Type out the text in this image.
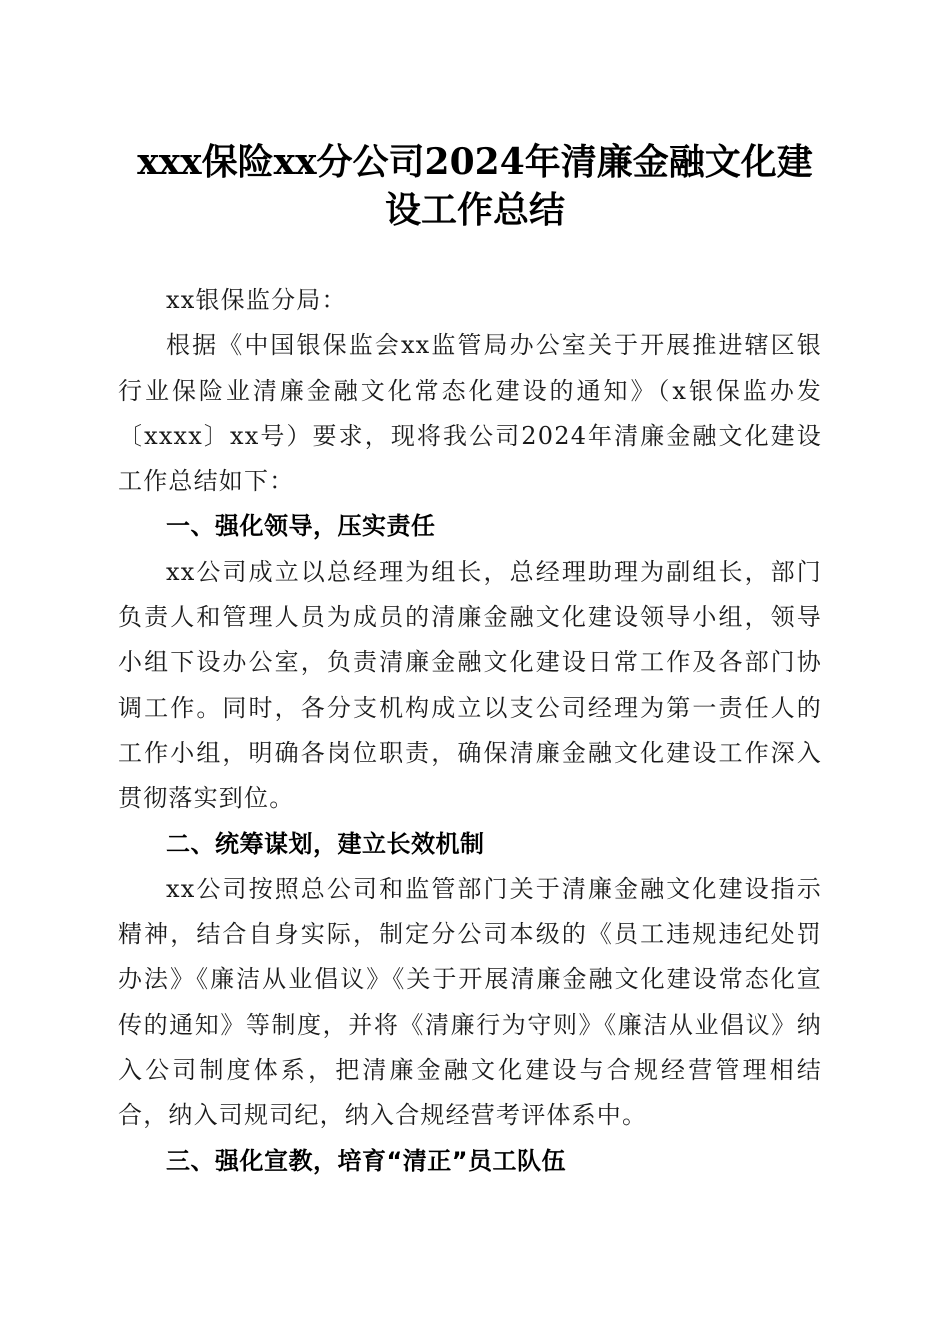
xxx保险xx分公司2024年清廉金融文化建设工作总结

xx银保监分局：

根据《中国银保监会xx监管局办公室关于开展推进辖区银行业保险业清廉金融文化常态化建设的通知》（x银保监办发〔xxxx〕xx号）要求，现将我公司2024年清廉金融文化建设工作总结如下：

一、强化领导，压实责任

xx公司成立以总经理为组长，总经理助理为副组长，部门负责人和管理人员为成员的清廉金融文化建设领导小组，领导小组下设办公室，负责清廉金融文化建设日常工作及各部门协调工作。同时，各分支机构成立以支公司经理为第一责任人的工作小组，明确各岗位职责，确保清廉金融文化建设工作深入贯彻落实到位。

二、统筹谋划，建立长效机制

xx公司按照总公司和监管部门关于清廉金融文化建设指示精神，结合自身实际，制定分公司本级的《员工违规违纪处罚办法》《廉洁从业倡议》《关于开展清廉金融文化建设常态化宣传的通知》等制度，并将《清廉行为守则》《廉洁从业倡议》纳入公司制度体系，把清廉金融文化建设与合规经营管理相结合，纳入司规司纪，纳入合规经营考评体系中。

三、强化宣教，培育“清正”员工队伍
